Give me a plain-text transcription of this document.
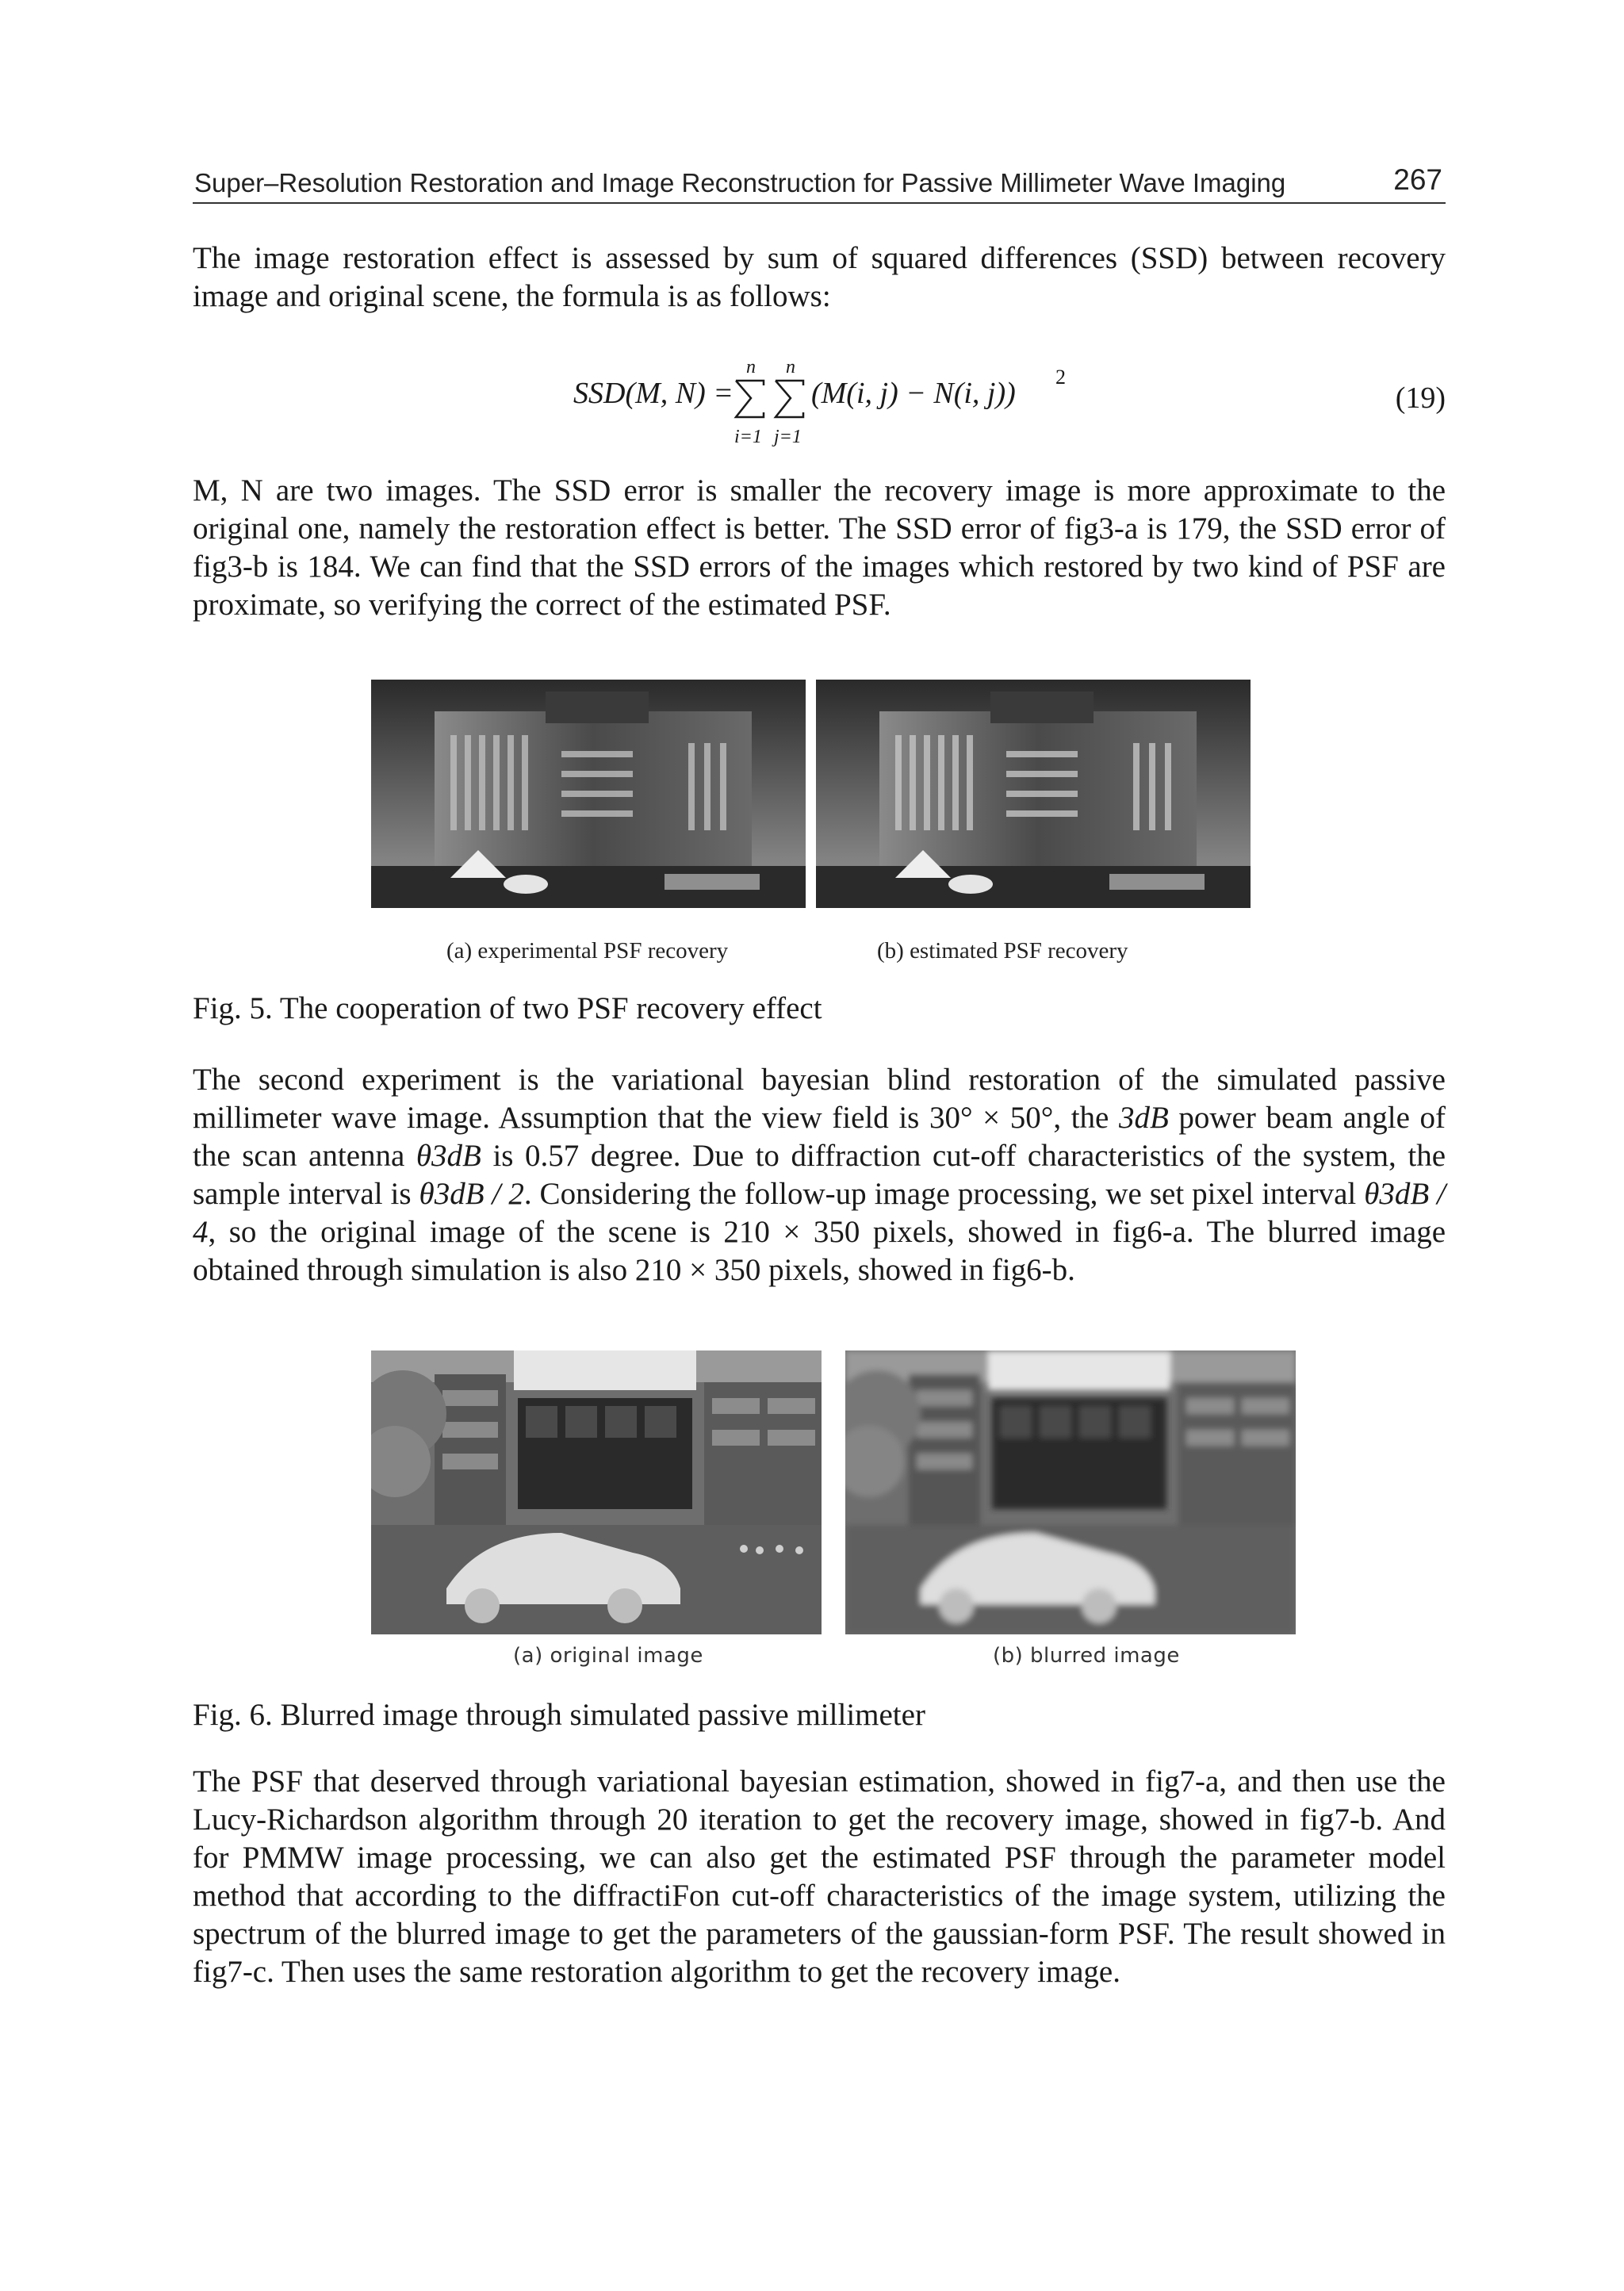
Super–Resolution Restoration and Image Reconstruction for Passive Millimeter Wave Imaging	267

The image restoration effect is assessed by sum of squared differences (SSD) between recovery image and original scene, the formula is as follows:

SSD(M, N) =
n
i=1
n
j=1
(M(i, j) − N(i, j)) 2
(19)

M, N are two images. The SSD error is smaller the recovery image is more approximate to the original one, namely the restoration effect is better. The SSD error of fig3-a is 179, the SSD error of fig3-b is 184. We can find that the SSD errors of the images which restored by two kind of PSF are proximate, so verifying the correct of the estimated PSF.

(a) experimental PSF recovery	(b) estimated PSF recovery
Fig. 5. The cooperation of two PSF recovery effect

The second experiment is the variational bayesian blind restoration of the simulated passive millimeter wave image. Assumption that the view field is 30° × 50°, the 3dB power beam angle of the scan antenna θ3dB is 0.57 degree. Due to diffraction cut-off characteristics of the system, the sample interval is θ3dB / 2. Considering the follow-up image processing, we set pixel interval θ3dB / 4, so the original image of the scene is 210 × 350 pixels, showed in fig6-a. The blurred image obtained through simulation is also 210 × 350 pixels, showed in fig6-b.

(a) original image	(b) blurred image
Fig. 6. Blurred image through simulated passive millimeter

The PSF that deserved through variational bayesian estimation, showed in fig7-a, and then use the Lucy-Richardson algorithm through 20 iteration to get the recovery image, showed in fig7-b. And for PMMW image processing, we can also get the estimated PSF through the parameter model method that according to the diffractiFon cut-off characteristics of the image system, utilizing the spectrum of the blurred image to get the parameters of the gaussian-form PSF. The result showed in fig7-c. Then uses the same restoration algorithm to get the recovery image.
